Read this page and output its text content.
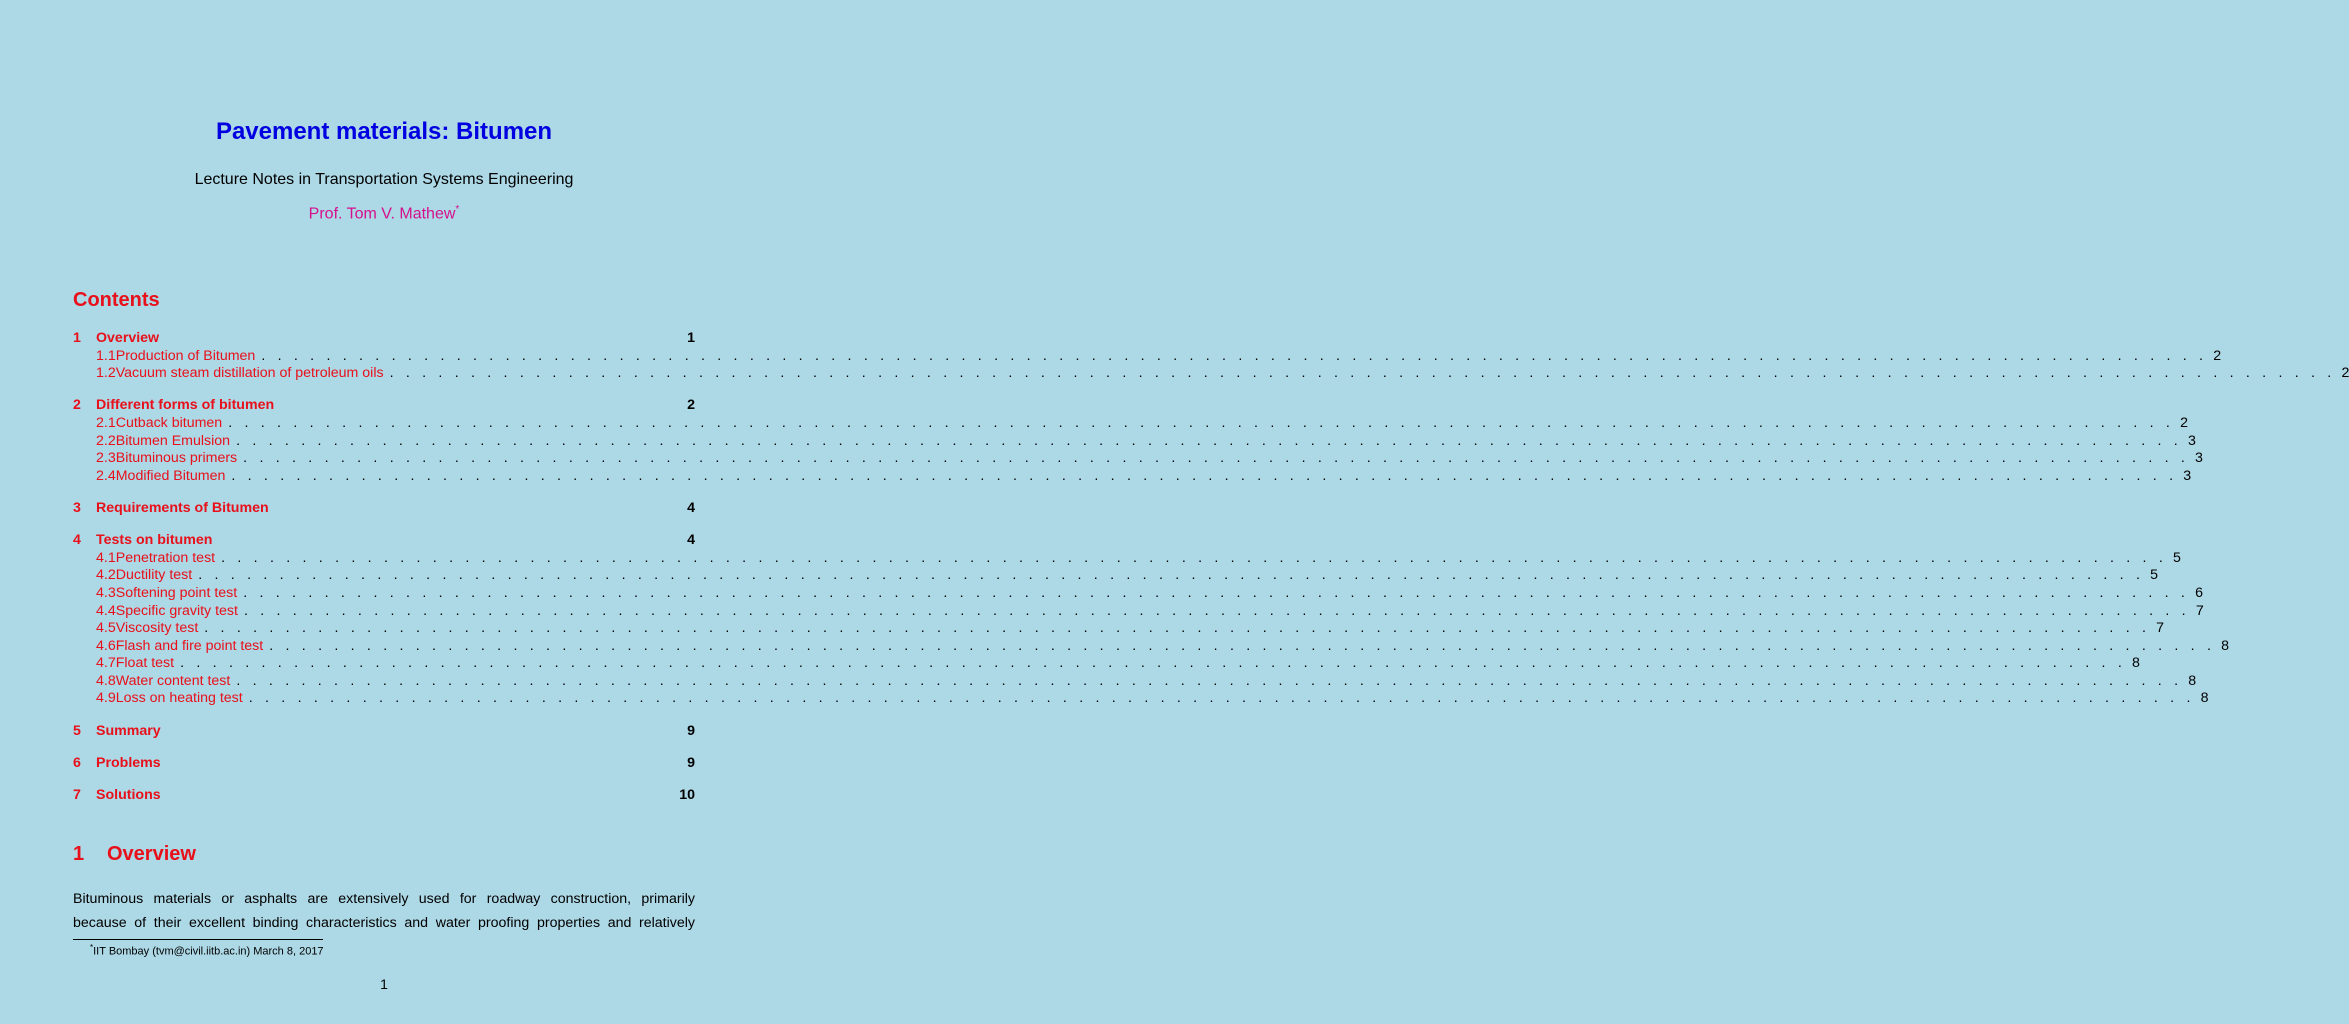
Pavement materials: Bitumen
Lecture Notes in Transportation Systems Engineering
Prof. Tom V. Mathew*
Contents
1	Overview	1
1.1 Production of Bitumen . . . . . . . . . . . . . . . . . . . . . . . . . . . . . . . . . . . . . . . . . . . . . . . . . . . . . . . . . . . . . . . . . . . . . . . . . . . . . . . . . . . . . . . . . . . . . . . . . . . . . . . . . . . . . . . . . . . . . . . . 2
1.2 Vacuum steam distillation of petroleum oils . . . . . . . . . . . . . . . . . . . . . . . . . . . . . . . . . . . . . . . . . . . . . . . . . . . . . . . . . . . . . . . . . . . . . . . . . . . . . . . . . . . . . . . . . . . . . . . . . . . . . . . . . . . . . . . . . . . . . . . . 2
2	Different forms of bitumen	2
2.1 Cutback bitumen . . . . . . . . . . . . . . . . . . . . . . . . . . . . . . . . . . . . . . . . . . . . . . . . . . . . . . . . . . . . . . . . . . . . . . . . . . . . . . . . . . . . . . . . . . . . . . . . . . . . . . . . . . . . . . . . . . . . . . . . 2
2.2 Bitumen Emulsion . . . . . . . . . . . . . . . . . . . . . . . . . . . . . . . . . . . . . . . . . . . . . . . . . . . . . . . . . . . . . . . . . . . . . . . . . . . . . . . . . . . . . . . . . . . . . . . . . . . . . . . . . . . . . . . . . . . . . . . . 3
2.3 Bituminous primers . . . . . . . . . . . . . . . . . . . . . . . . . . . . . . . . . . . . . . . . . . . . . . . . . . . . . . . . . . . . . . . . . . . . . . . . . . . . . . . . . . . . . . . . . . . . . . . . . . . . . . . . . . . . . . . . . . . . . . . . 3
2.4 Modified Bitumen . . . . . . . . . . . . . . . . . . . . . . . . . . . . . . . . . . . . . . . . . . . . . . . . . . . . . . . . . . . . . . . . . . . . . . . . . . . . . . . . . . . . . . . . . . . . . . . . . . . . . . . . . . . . . . . . . . . . . . . . 3
3	Requirements of Bitumen	4
4	Tests on bitumen	4
4.1 Penetration test . . . . . . . . . . . . . . . . . . . . . . . . . . . . . . . . . . . . . . . . . . . . . . . . . . . . . . . . . . . . . . . . . . . . . . . . . . . . . . . . . . . . . . . . . . . . . . . . . . . . . . . . . . . . . . . . . . . . . . . . 5
4.2 Ductility test . . . . . . . . . . . . . . . . . . . . . . . . . . . . . . . . . . . . . . . . . . . . . . . . . . . . . . . . . . . . . . . . . . . . . . . . . . . . . . . . . . . . . . . . . . . . . . . . . . . . . . . . . . . . . . . . . . . . . . . . 5
4.3 Softening point test . . . . . . . . . . . . . . . . . . . . . . . . . . . . . . . . . . . . . . . . . . . . . . . . . . . . . . . . . . . . . . . . . . . . . . . . . . . . . . . . . . . . . . . . . . . . . . . . . . . . . . . . . . . . . . . . . . . . . . . . 6
4.4 Specific gravity test . . . . . . . . . . . . . . . . . . . . . . . . . . . . . . . . . . . . . . . . . . . . . . . . . . . . . . . . . . . . . . . . . . . . . . . . . . . . . . . . . . . . . . . . . . . . . . . . . . . . . . . . . . . . . . . . . . . . . . . . 7
4.5 Viscosity test . . . . . . . . . . . . . . . . . . . . . . . . . . . . . . . . . . . . . . . . . . . . . . . . . . . . . . . . . . . . . . . . . . . . . . . . . . . . . . . . . . . . . . . . . . . . . . . . . . . . . . . . . . . . . . . . . . . . . . . . 7
4.6 Flash and fire point test . . . . . . . . . . . . . . . . . . . . . . . . . . . . . . . . . . . . . . . . . . . . . . . . . . . . . . . . . . . . . . . . . . . . . . . . . . . . . . . . . . . . . . . . . . . . . . . . . . . . . . . . . . . . . . . . . . . . . . . . 8
4.7 Float test . . . . . . . . . . . . . . . . . . . . . . . . . . . . . . . . . . . . . . . . . . . . . . . . . . . . . . . . . . . . . . . . . . . . . . . . . . . . . . . . . . . . . . . . . . . . . . . . . . . . . . . . . . . . . . . . . . . . . . . . 8
4.8 Water content test . . . . . . . . . . . . . . . . . . . . . . . . . . . . . . . . . . . . . . . . . . . . . . . . . . . . . . . . . . . . . . . . . . . . . . . . . . . . . . . . . . . . . . . . . . . . . . . . . . . . . . . . . . . . . . . . . . . . . . . . 8
4.9 Loss on heating test . . . . . . . . . . . . . . . . . . . . . . . . . . . . . . . . . . . . . . . . . . . . . . . . . . . . . . . . . . . . . . . . . . . . . . . . . . . . . . . . . . . . . . . . . . . . . . . . . . . . . . . . . . . . . . . . . . . . . . . . 8
5	Summary	9
6	Problems	9
7	Solutions	10
1 Overview
Bituminous materials or asphalts are extensively used for roadway construction, primarily
because of their excellent binding characteristics and water proofing properties and relatively
*IIT Bombay (tvm@civil.iitb.ac.in) March 8, 2017
1
